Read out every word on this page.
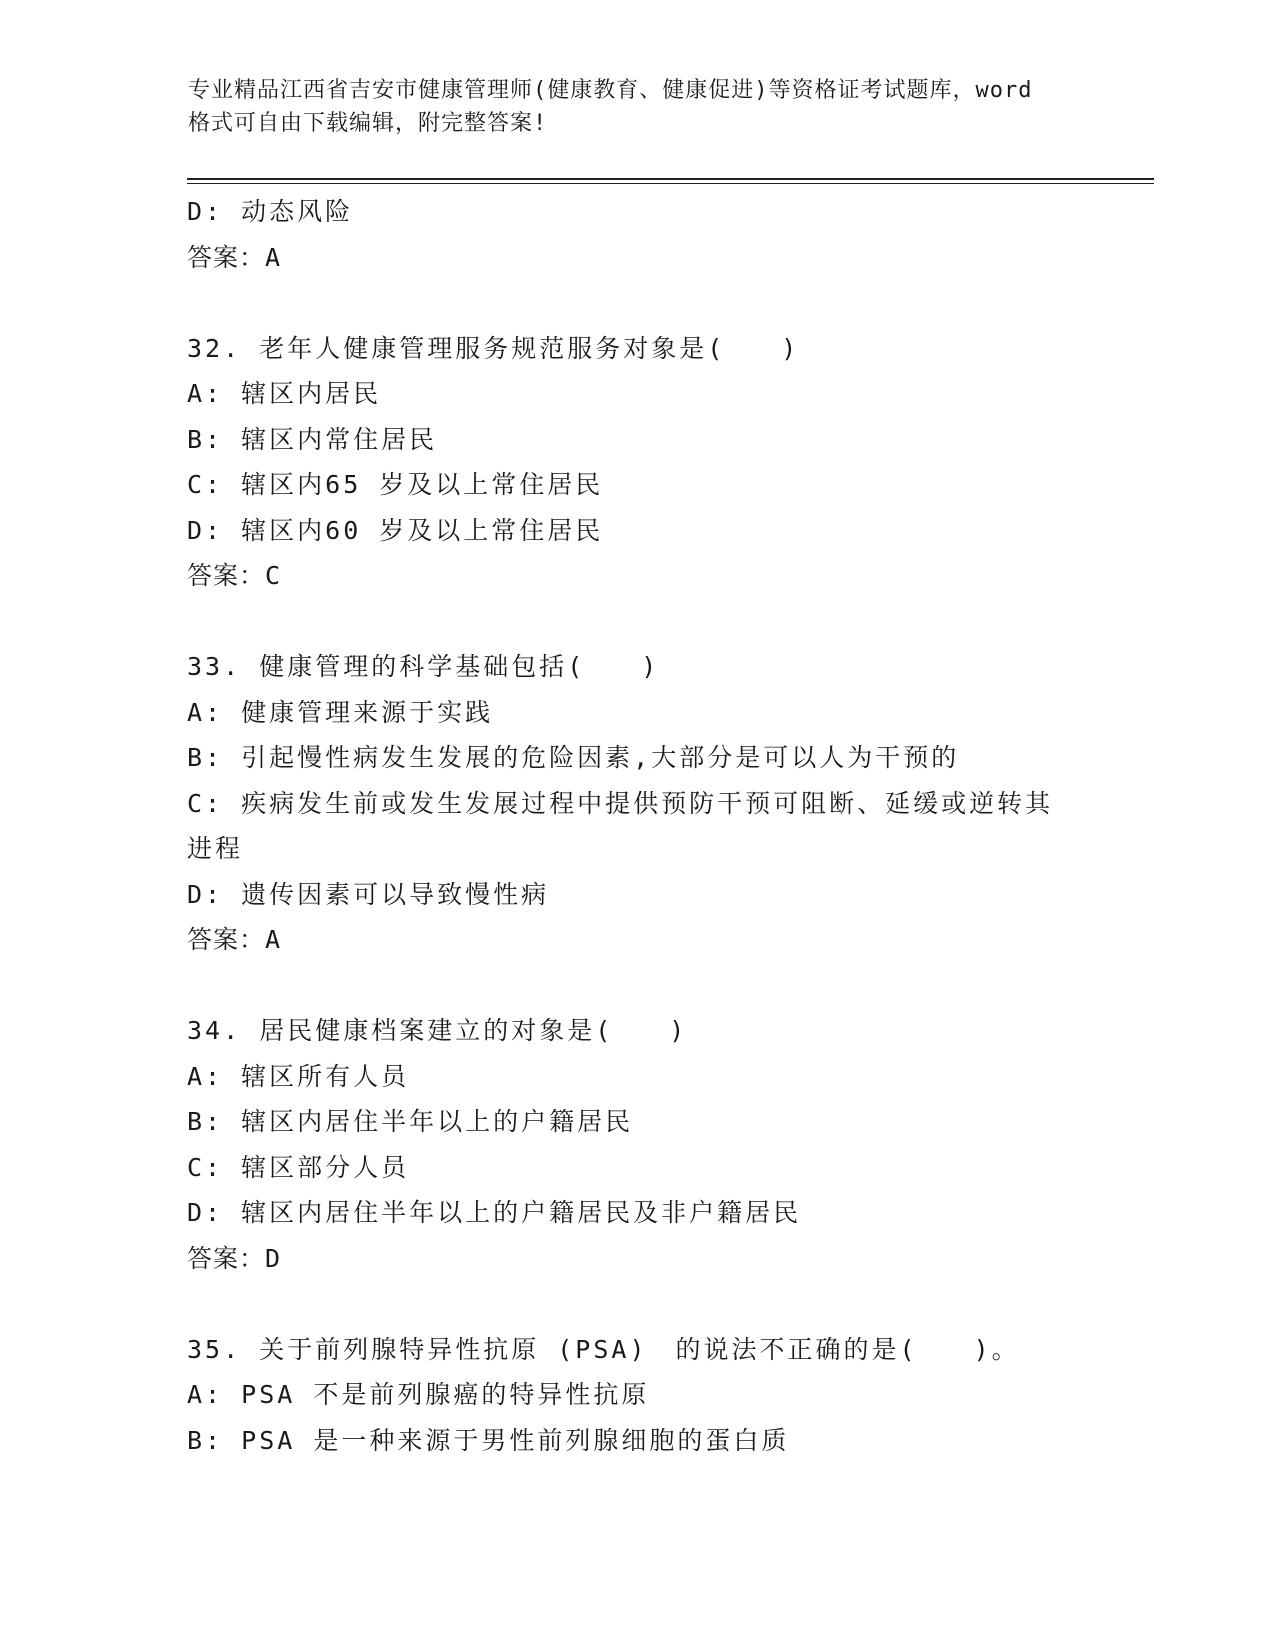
专业精品江西省吉安市健康管理师(健康教育、健康促进)等资格证考试题库，word
格式可自由下载编辑，附完整答案!
D: 动态风险
答案：A
32. 老年人健康管理服务规范服务对象是(　　)
A: 辖区内居民
B: 辖区内常住居民
C: 辖区内65 岁及以上常住居民
D: 辖区内60 岁及以上常住居民
答案：C
33. 健康管理的科学基础包括(　　)
A: 健康管理来源于实践
B: 引起慢性病发生发展的危险因素,大部分是可以人为干预的
C: 疾病发生前或发生发展过程中提供预防干预可阻断、延缓或逆转其
进程
D: 遗传因素可以导致慢性病
答案：A
34. 居民健康档案建立的对象是(　　)
A: 辖区所有人员
B: 辖区内居住半年以上的户籍居民
C: 辖区部分人员
D: 辖区内居住半年以上的户籍居民及非户籍居民
答案：D
35. 关于前列腺特异性抗原 (PSA)　的说法不正确的是(　　)。
A: PSA 不是前列腺癌的特异性抗原
B: PSA 是一种来源于男性前列腺细胞的蛋白质
